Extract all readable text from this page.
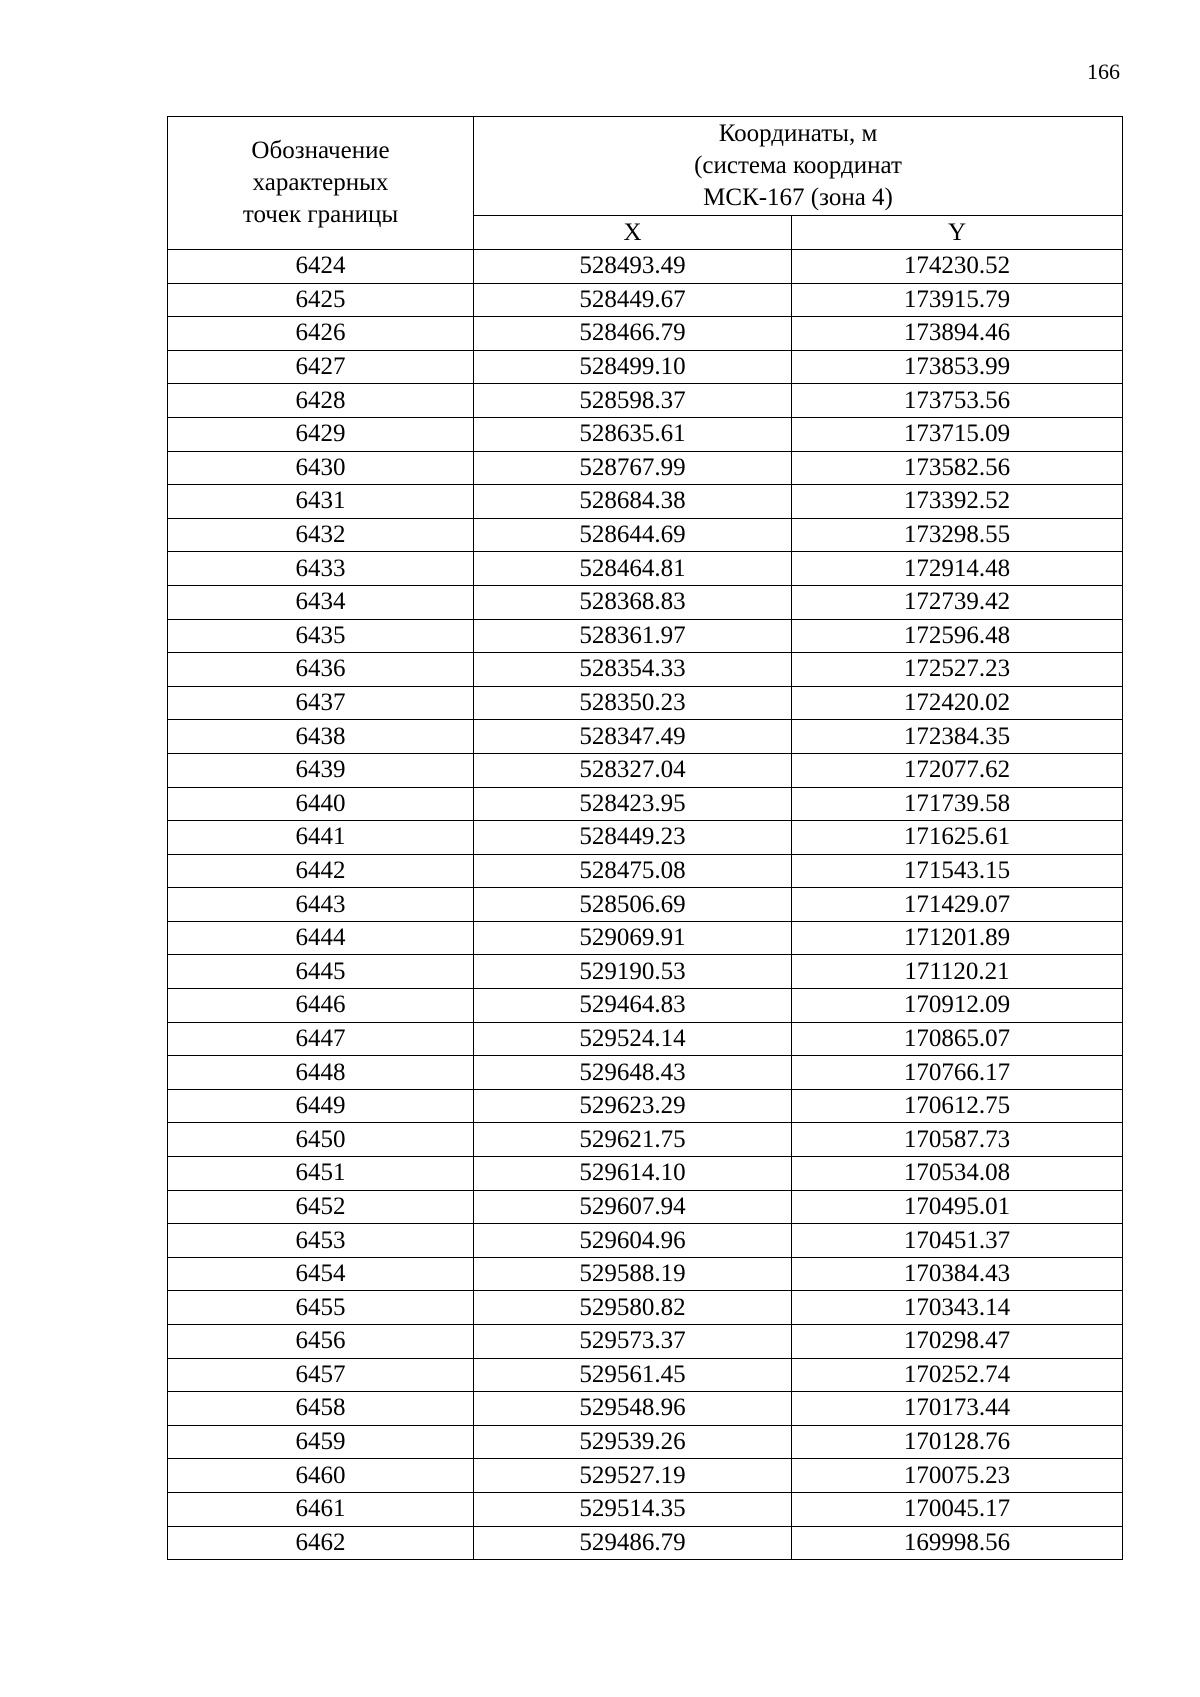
166
Обозначение
характерных
точек границы	Координаты, м
(система координат
МСК-167 (зона 4)	

	X	Y
6424	528493.49	174230.52
6425	528449.67	173915.79
6426	528466.79	173894.46
6427	528499.10	173853.99
6428	528598.37	173753.56
6429	528635.61	173715.09
6430	528767.99	173582.56
6431	528684.38	173392.52
6432	528644.69	173298.55
6433	528464.81	172914.48
6434	528368.83	172739.42
6435	528361.97	172596.48
6436	528354.33	172527.23
6437	528350.23	172420.02
6438	528347.49	172384.35
6439	528327.04	172077.62
6440	528423.95	171739.58
6441	528449.23	171625.61
6442	528475.08	171543.15
6443	528506.69	171429.07
6444	529069.91	171201.89
6445	529190.53	171120.21
6446	529464.83	170912.09
6447	529524.14	170865.07
6448	529648.43	170766.17
6449	529623.29	170612.75
6450	529621.75	170587.73
6451	529614.10	170534.08
6452	529607.94	170495.01
6453	529604.96	170451.37
6454	529588.19	170384.43
6455	529580.82	170343.14
6456	529573.37	170298.47
6457	529561.45	170252.74
6458	529548.96	170173.44
6459	529539.26	170128.76
6460	529527.19	170075.23
6461	529514.35	170045.17
6462	529486.79	169998.56
